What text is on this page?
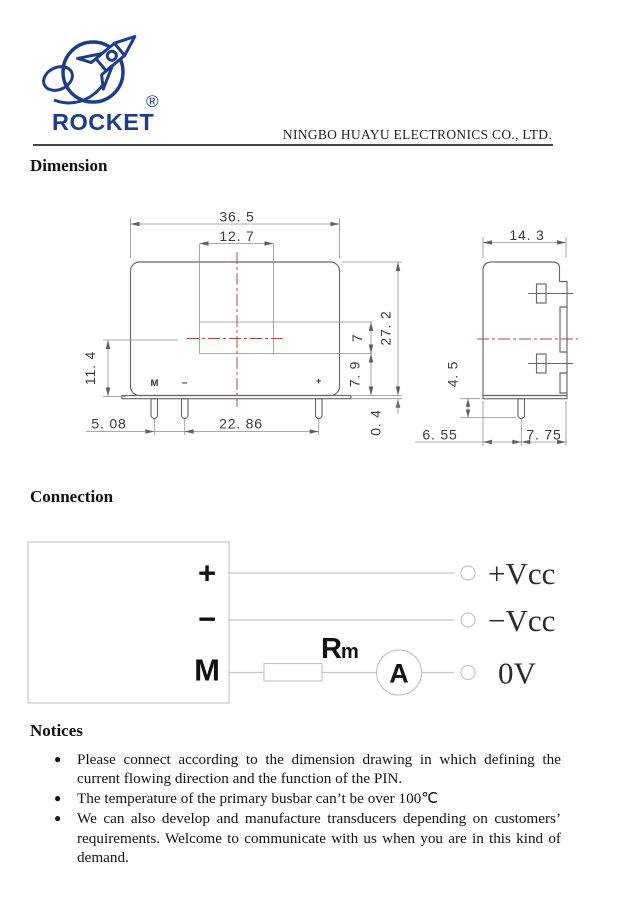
ROCKET
®
NINGBO HUAYU ELECTRONICS CO., LTD.
Dimension
M −	+
36. 5
12. 7
27. 2
7
7. 9
0. 4
11. 4
5. 08	22. 86
14. 3
4. 5
6. 55	7. 75
Connection
+
−
M
R m
A
+Vcc
−Vcc
0V
Notices
● Please connect according to the dimension drawing in which defining the current flowing direction and the function of the PIN.
● The temperature of the primary busbar can’t be over 100℃
● We can also develop and manufacture transducers depending on customers’ requirements. Welcome to communicate with us when you are in this kind of demand.
